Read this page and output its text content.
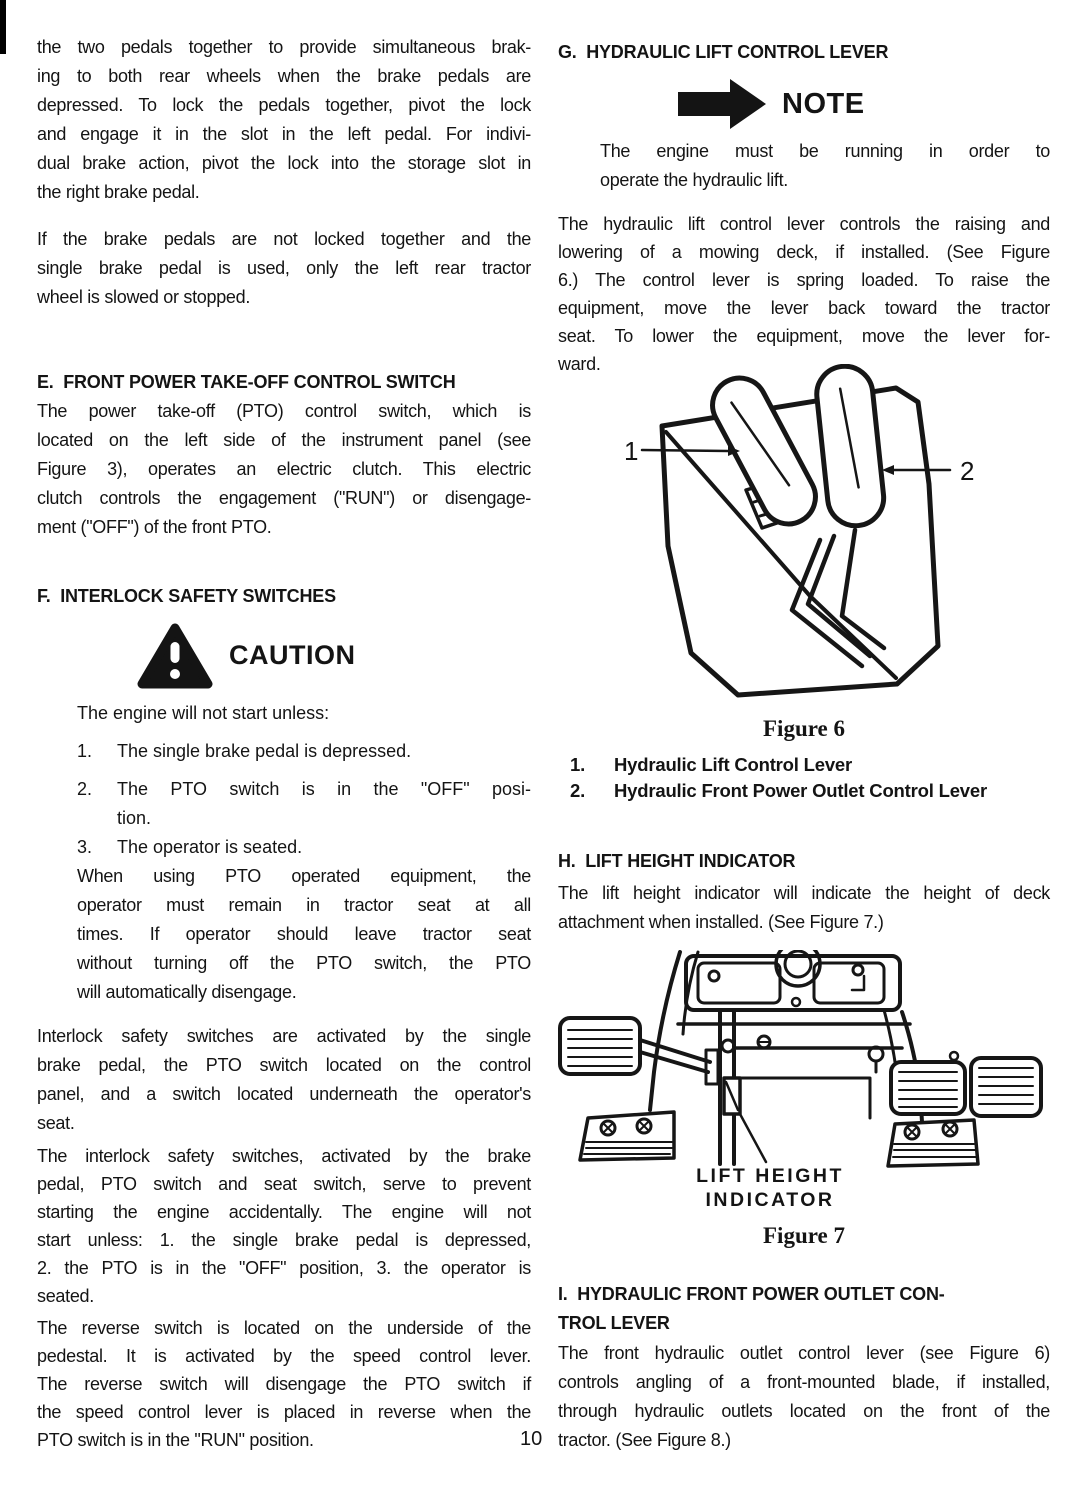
the two pedals together to provide simultaneous brak-
ing to both rear wheels when the brake pedals are
depressed. To lock the pedals together, pivot the lock
and engage it in the slot in the left pedal. For indivi-
dual brake action, pivot the lock into the storage slot in
the right brake pedal.
If the brake pedals are not locked together and the
single brake pedal is used, only the left rear tractor
wheel is slowed or stopped.
E.  FRONT POWER TAKE-OFF CONTROL SWITCH
The power take-off (PTO) control switch, which is
located on the left side of the instrument panel (see
Figure 3), operates an electric clutch. This electric
clutch controls the engagement ("RUN") or disengage-
ment ("OFF") of the front PTO.
F.  INTERLOCK SAFETY SWITCHES
CAUTION
The engine will not start unless:
1.	The single brake pedal is depressed.
2.	The PTO switch is in the "OFF" posi-
tion.
3.	The operator is seated.
When using PTO operated equipment, the
operator must remain in tractor seat at all
times. If operator should leave tractor seat
without turning off the PTO switch, the PTO
will automatically disengage.
Interlock safety switches are activated by the single
brake pedal, the PTO switch located on the control
panel, and a switch located underneath the operator's
seat.
The interlock safety switches, activated by the brake
pedal, PTO switch and seat switch, serve to prevent
starting the engine accidentally. The engine will not
start unless: 1. the single brake pedal is depressed,
2. the PTO is in the "OFF" position, 3. the operator is
seated.
The reverse switch is located on the underside of the
pedestal. It is activated by the speed control lever.
The reverse switch will disengage the PTO switch if
the speed control lever is placed in reverse when the
PTO switch is in the "RUN" position.
G.  HYDRAULIC LIFT CONTROL LEVER
NOTE
The engine must be running in order to
operate the hydraulic lift.
The hydraulic lift control lever controls the raising and
lowering of a mowing deck, if installed. (See Figure
6.) The control lever is spring loaded. To raise the
equipment, move the lever back toward the tractor
seat. To lower the equipment, move the lever for-
ward.
1
2
Figure 6
1.	Hydraulic Lift Control Lever
2.	Hydraulic Front Power Outlet Control Lever
H.  LIFT HEIGHT INDICATOR
The lift height indicator will indicate the height of deck
attachment when installed. (See Figure 7.)
LIFT HEIGHT
INDICATOR
Figure 7
I.  HYDRAULIC FRONT POWER OUTLET CON-
TROL LEVER
The front hydraulic outlet control lever (see Figure 6)
controls angling of a front-mounted blade, if installed,
through hydraulic outlets located on the front of the
tractor. (See Figure 8.)
10
